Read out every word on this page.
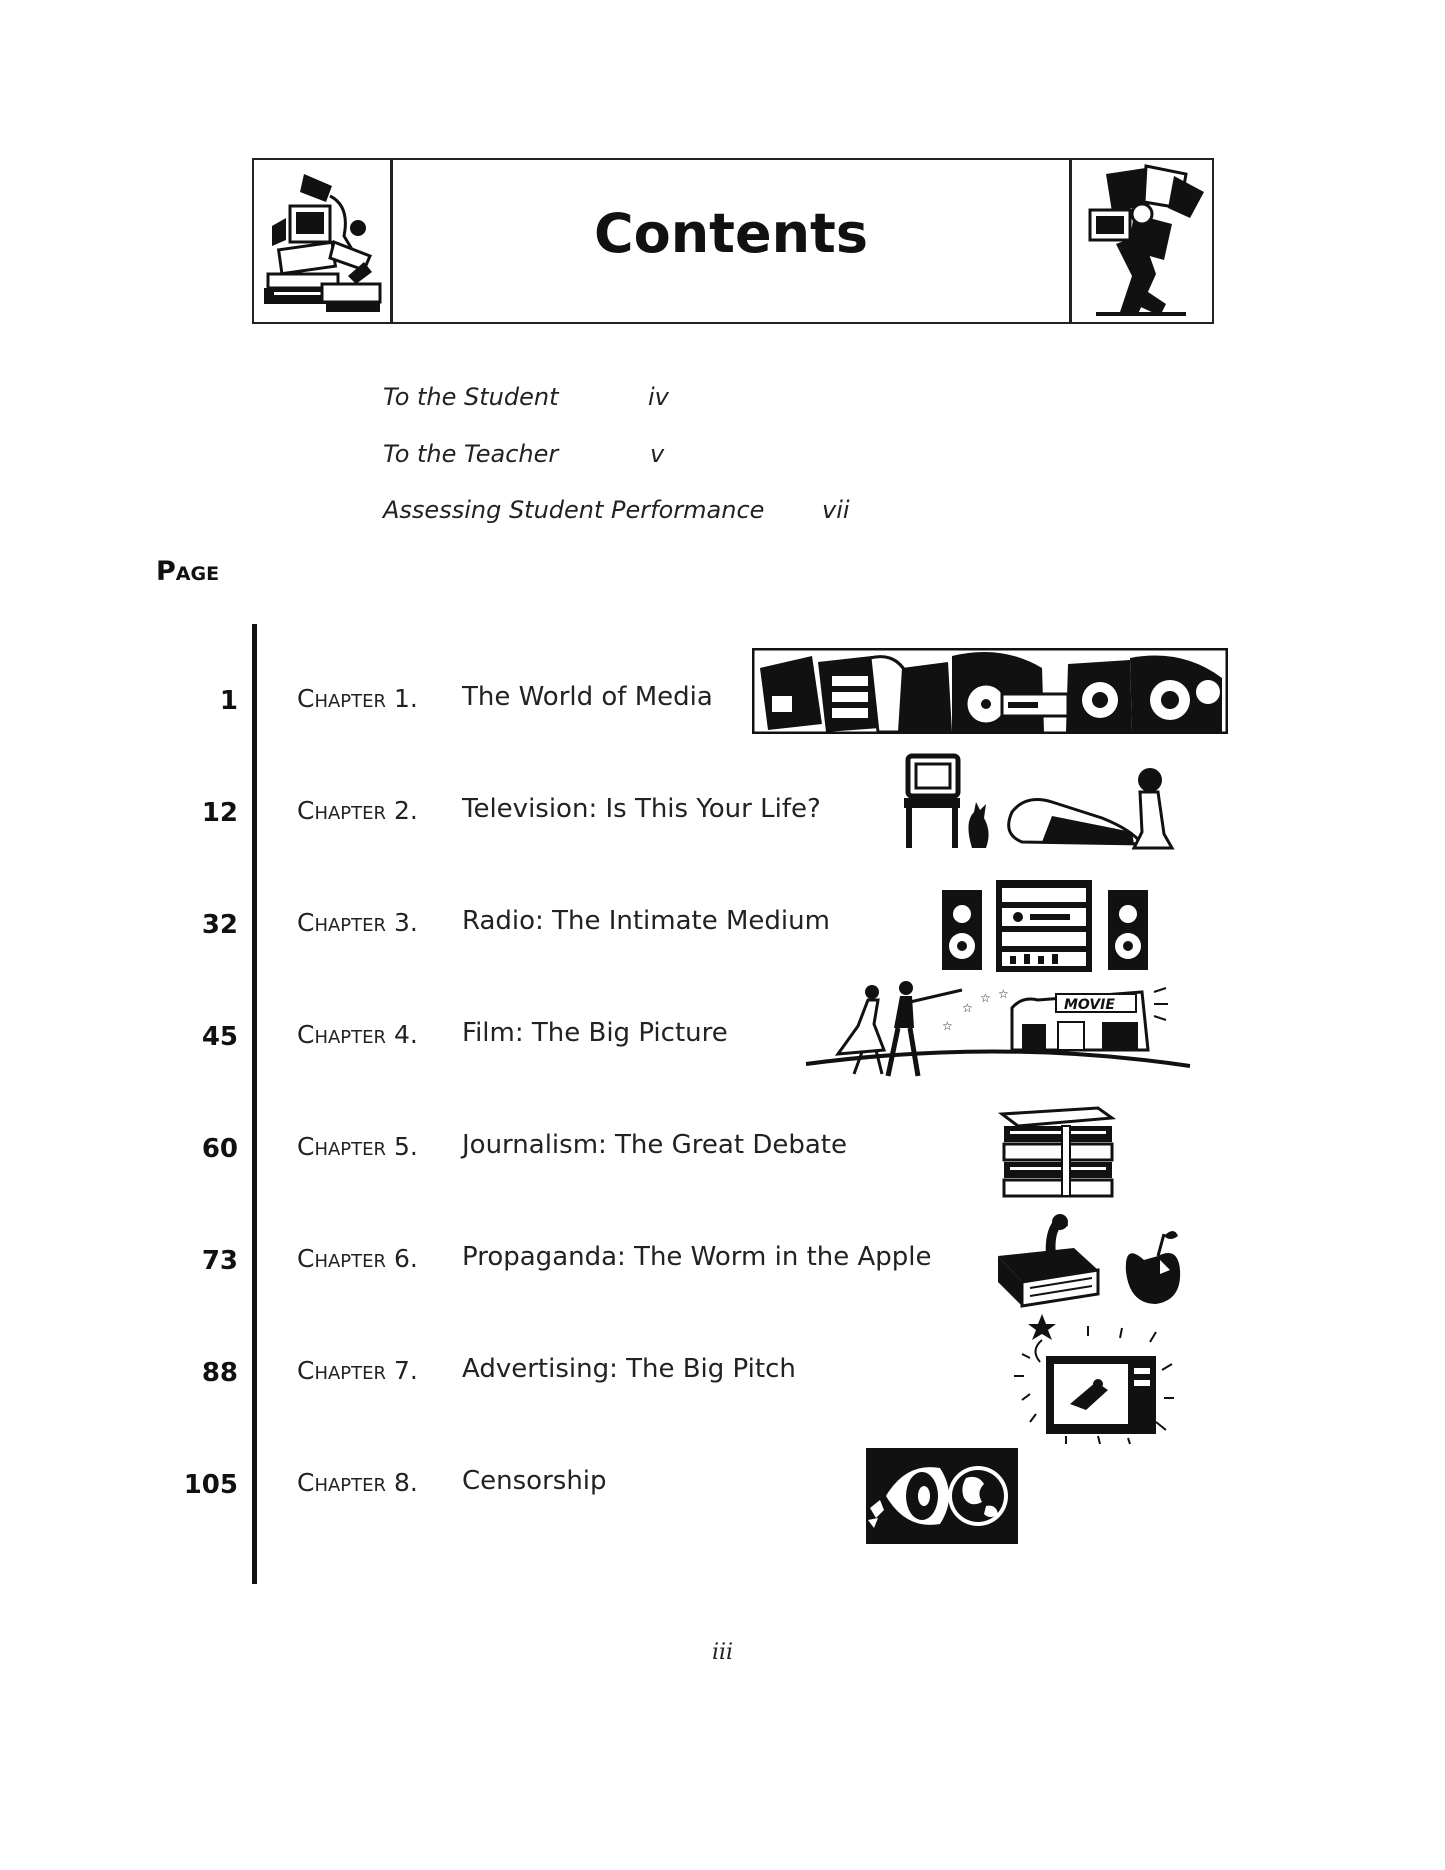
Contents
To the Student	iv
To the Teacher	v
Assessing Student Performance vii
Page
1 Chapter 1. The World of Media
12 Chapter 2. Television: Is This Your Life?
32 Chapter 3. Radio: The Intimate Medium
45 Chapter 4. Film: The Big Picture	☆
☆
☆ ☆
MOVIE
60 Chapter 5. Journalism: The Great Debate
73 Chapter 6. Propaganda: The Worm in the Apple
88 Chapter 7. Advertising: The Big Pitch
105 Chapter 8. Censorship
iii
